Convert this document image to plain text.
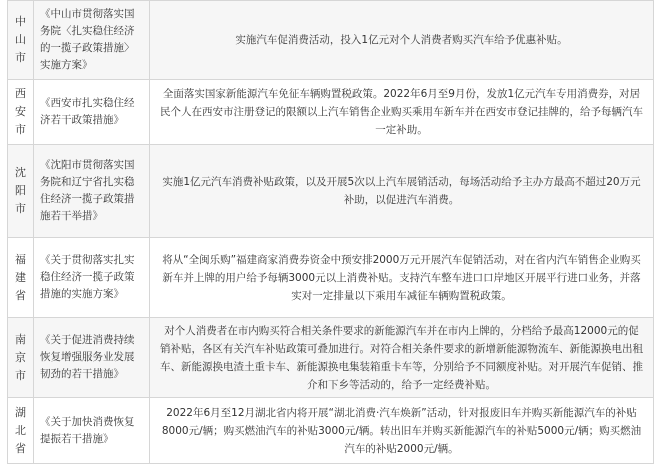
中山市	《中山市贯彻落实国务院〈扎实稳住经济的一揽子政策措施〉实施方案》	实施汽车促消费活动，投入1亿元对个人消费者购买汽车给予优惠补贴。

西安市	《西安市扎实稳住经济若干政策措施》	全面落实国家新能源汽车免征车辆购置税政策。2022年6月至9月份，发放1亿元汽车专用消费券，对居民个人在西安市注册登记的限额以上汽车销售企业购买乘用车新车并在西安市登记挂牌的，给予每辆汽车一定补助。

沈阳市	《沈阳市贯彻落实国务院和辽宁省扎实稳住经济一揽子政策措施若干举措》	实施1亿元汽车消费补贴政策，以及开展5次以上汽车展销活动，每场活动给予主办方最高不超过20万元补助，以促进汽车消费。

福建省	《关于贯彻落实扎实稳住经济一揽子政策措施的实施方案》	将从“全闽乐购”福建商家消费券资金中预安排2000万元开展汽车促销活动，对在省内汽车销售企业购买新车并上牌的用户给予每辆3000元以上消费补贴。支持汽车整车进口口岸地区开展平行进口业务，并落实对一定排量以下乘用车减征车辆购置税政策。

南京市	《关于促进消费持续恢复增强服务业发展韧劲的若干措施》	对个人消费者在市内购买符合相关条件要求的新能源汽车并在市内上牌的，分档给予最高12000元的促销补贴，各区有关汽车补贴政策可叠加进行。对符合相关条件要求的新增新能源物流车、新能源换电出租车、新能源换电渣土重卡车、新能源换电集装箱重卡车等，分别给予不同额度补贴。对开展汽车促销、推介和下乡等活动的，给予一定经费补贴。

湖北省	《关于加快消费恢复提振若干措施》	2022年6月至12月湖北省内将开展“湖北消费·汽车焕新”活动，针对报废旧车并购买新能源汽车的补贴8000元/辆；购买燃油汽车的补贴3000元/辆。转出旧车并购买新能源汽车的补贴5000元/辆；购买燃油汽车的补贴2000元/辆。
